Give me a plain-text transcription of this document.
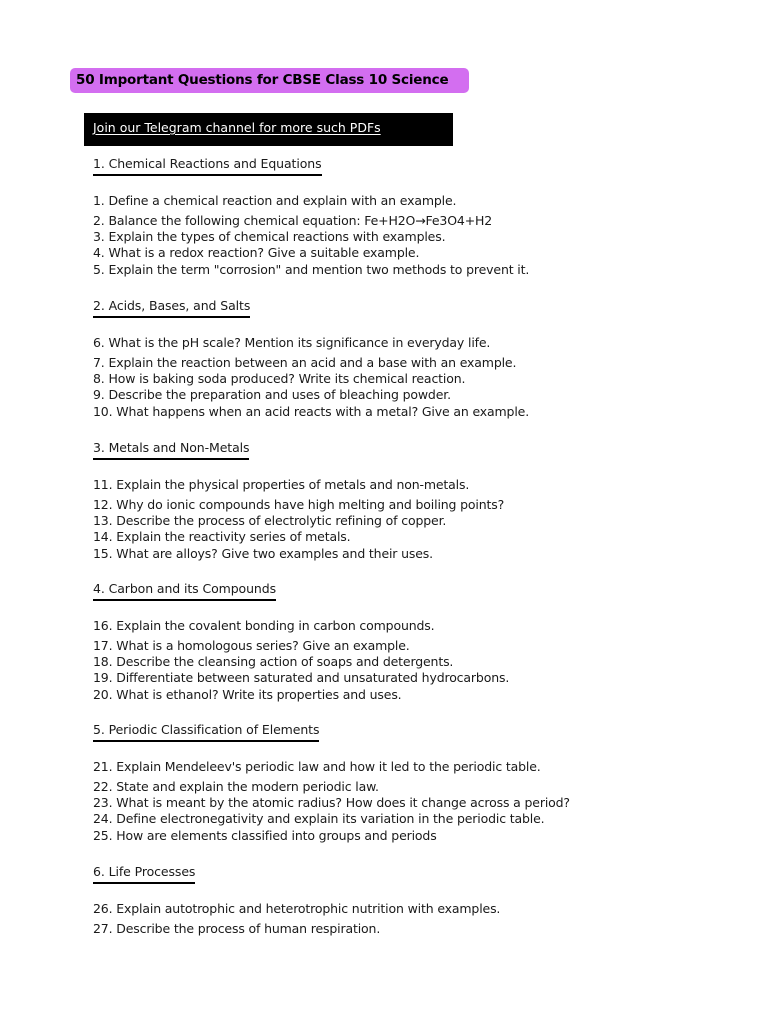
50 Important Questions for CBSE Class 10 Science
Join our Telegram channel for more such PDFs
1. Chemical Reactions and Equations
1. Define a chemical reaction and explain with an example.
2. Balance the following chemical equation: Fe+H2O→Fe3O4+H2
3. Explain the types of chemical reactions with examples.
4. What is a redox reaction? Give a suitable example.
5. Explain the term "corrosion" and mention two methods to prevent it.
2. Acids, Bases, and Salts
6. What is the pH scale? Mention its significance in everyday life.
7. Explain the reaction between an acid and a base with an example.
8. How is baking soda produced? Write its chemical reaction.
9. Describe the preparation and uses of bleaching powder.
10. What happens when an acid reacts with a metal? Give an example.
3. Metals and Non-Metals
11. Explain the physical properties of metals and non-metals.
12. Why do ionic compounds have high melting and boiling points?
13. Describe the process of electrolytic refining of copper.
14. Explain the reactivity series of metals.
15. What are alloys? Give two examples and their uses.
4. Carbon and its Compounds
16. Explain the covalent bonding in carbon compounds.
17. What is a homologous series? Give an example.
18. Describe the cleansing action of soaps and detergents.
19. Differentiate between saturated and unsaturated hydrocarbons.
20. What is ethanol? Write its properties and uses.
5. Periodic Classification of Elements
21. Explain Mendeleev's periodic law and how it led to the periodic table.
22. State and explain the modern periodic law.
23. What is meant by the atomic radius? How does it change across a period?
24. Define electronegativity and explain its variation in the periodic table.
25. How are elements classified into groups and periods
6. Life Processes
26. Explain autotrophic and heterotrophic nutrition with examples.
27. Describe the process of human respiration.
